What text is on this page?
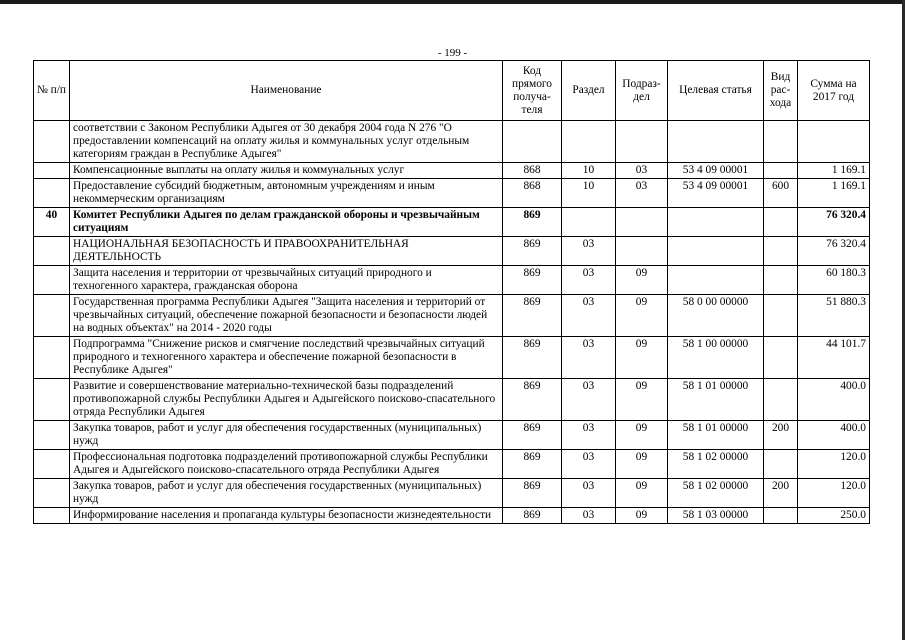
- 199 -
№ п/п	Наименование	Код прямого получа-теля	Раздел	Подраз-дел	Целевая статья	Вид рас-хода	Сумма на 2017 год
	соответствии с Законом Республики Адыгея от 30 декабря 2004 года N 276 "О предоставлении компенсаций на оплату жилья и коммунальных услуг отдельным категориям граждан в Республике Адыгея"						
	Компенсационные выплаты на оплату жилья и коммунальных услуг	868	10	03	53 4 09 00001		1 169.1
	Предоставление субсидий бюджетным, автономным учреждениям и иным некоммерческим организациям	868	10	03	53 4 09 00001	600	1 169.1
40	Комитет Республики Адыгея по делам гражданской обороны и чрезвычайным ситуациям	869					76 320.4
	НАЦИОНАЛЬНАЯ БЕЗОПАСНОСТЬ И ПРАВООХРАНИТЕЛЬНАЯ ДЕЯТЕЛЬНОСТЬ	869	03				76 320.4
	Защита населения и территории от чрезвычайных ситуаций природного и техногенного характера, гражданская оборона	869	03	09			60 180.3
	Государственная программа Республики Адыгея "Защита населения и территорий от чрезвычайных ситуаций, обеспечение пожарной безопасности и безопасности людей на водных объектах" на 2014 - 2020 годы	869	03	09	58 0 00 00000		51 880.3
	Подпрограмма "Снижение рисков и смягчение последствий чрезвычайных ситуаций природного и техногенного характера и обеспечение пожарной безопасности в Республике Адыгея"	869	03	09	58 1 00 00000		44 101.7
	Развитие и совершенствование материально-технической базы подразделений противопожарной службы Республики Адыгея и Адыгейского поисково-спасательного отряда Республики Адыгея	869	03	09	58 1 01 00000		400.0
	Закупка товаров, работ и услуг для обеспечения государственных (муниципальных) нужд	869	03	09	58 1 01 00000	200	400.0
	Профессиональная подготовка подразделений противопожарной службы Республики Адыгея и Адыгейского поисково-спасательного отряда Республики Адыгея	869	03	09	58 1 02 00000		120.0
	Закупка товаров, работ и услуг для обеспечения государственных (муниципальных) нужд	869	03	09	58 1 02 00000	200	120.0
	Информирование населения и пропаганда культуры безопасности жизнедеятельности	869	03	09	58 1 03 00000		250.0
